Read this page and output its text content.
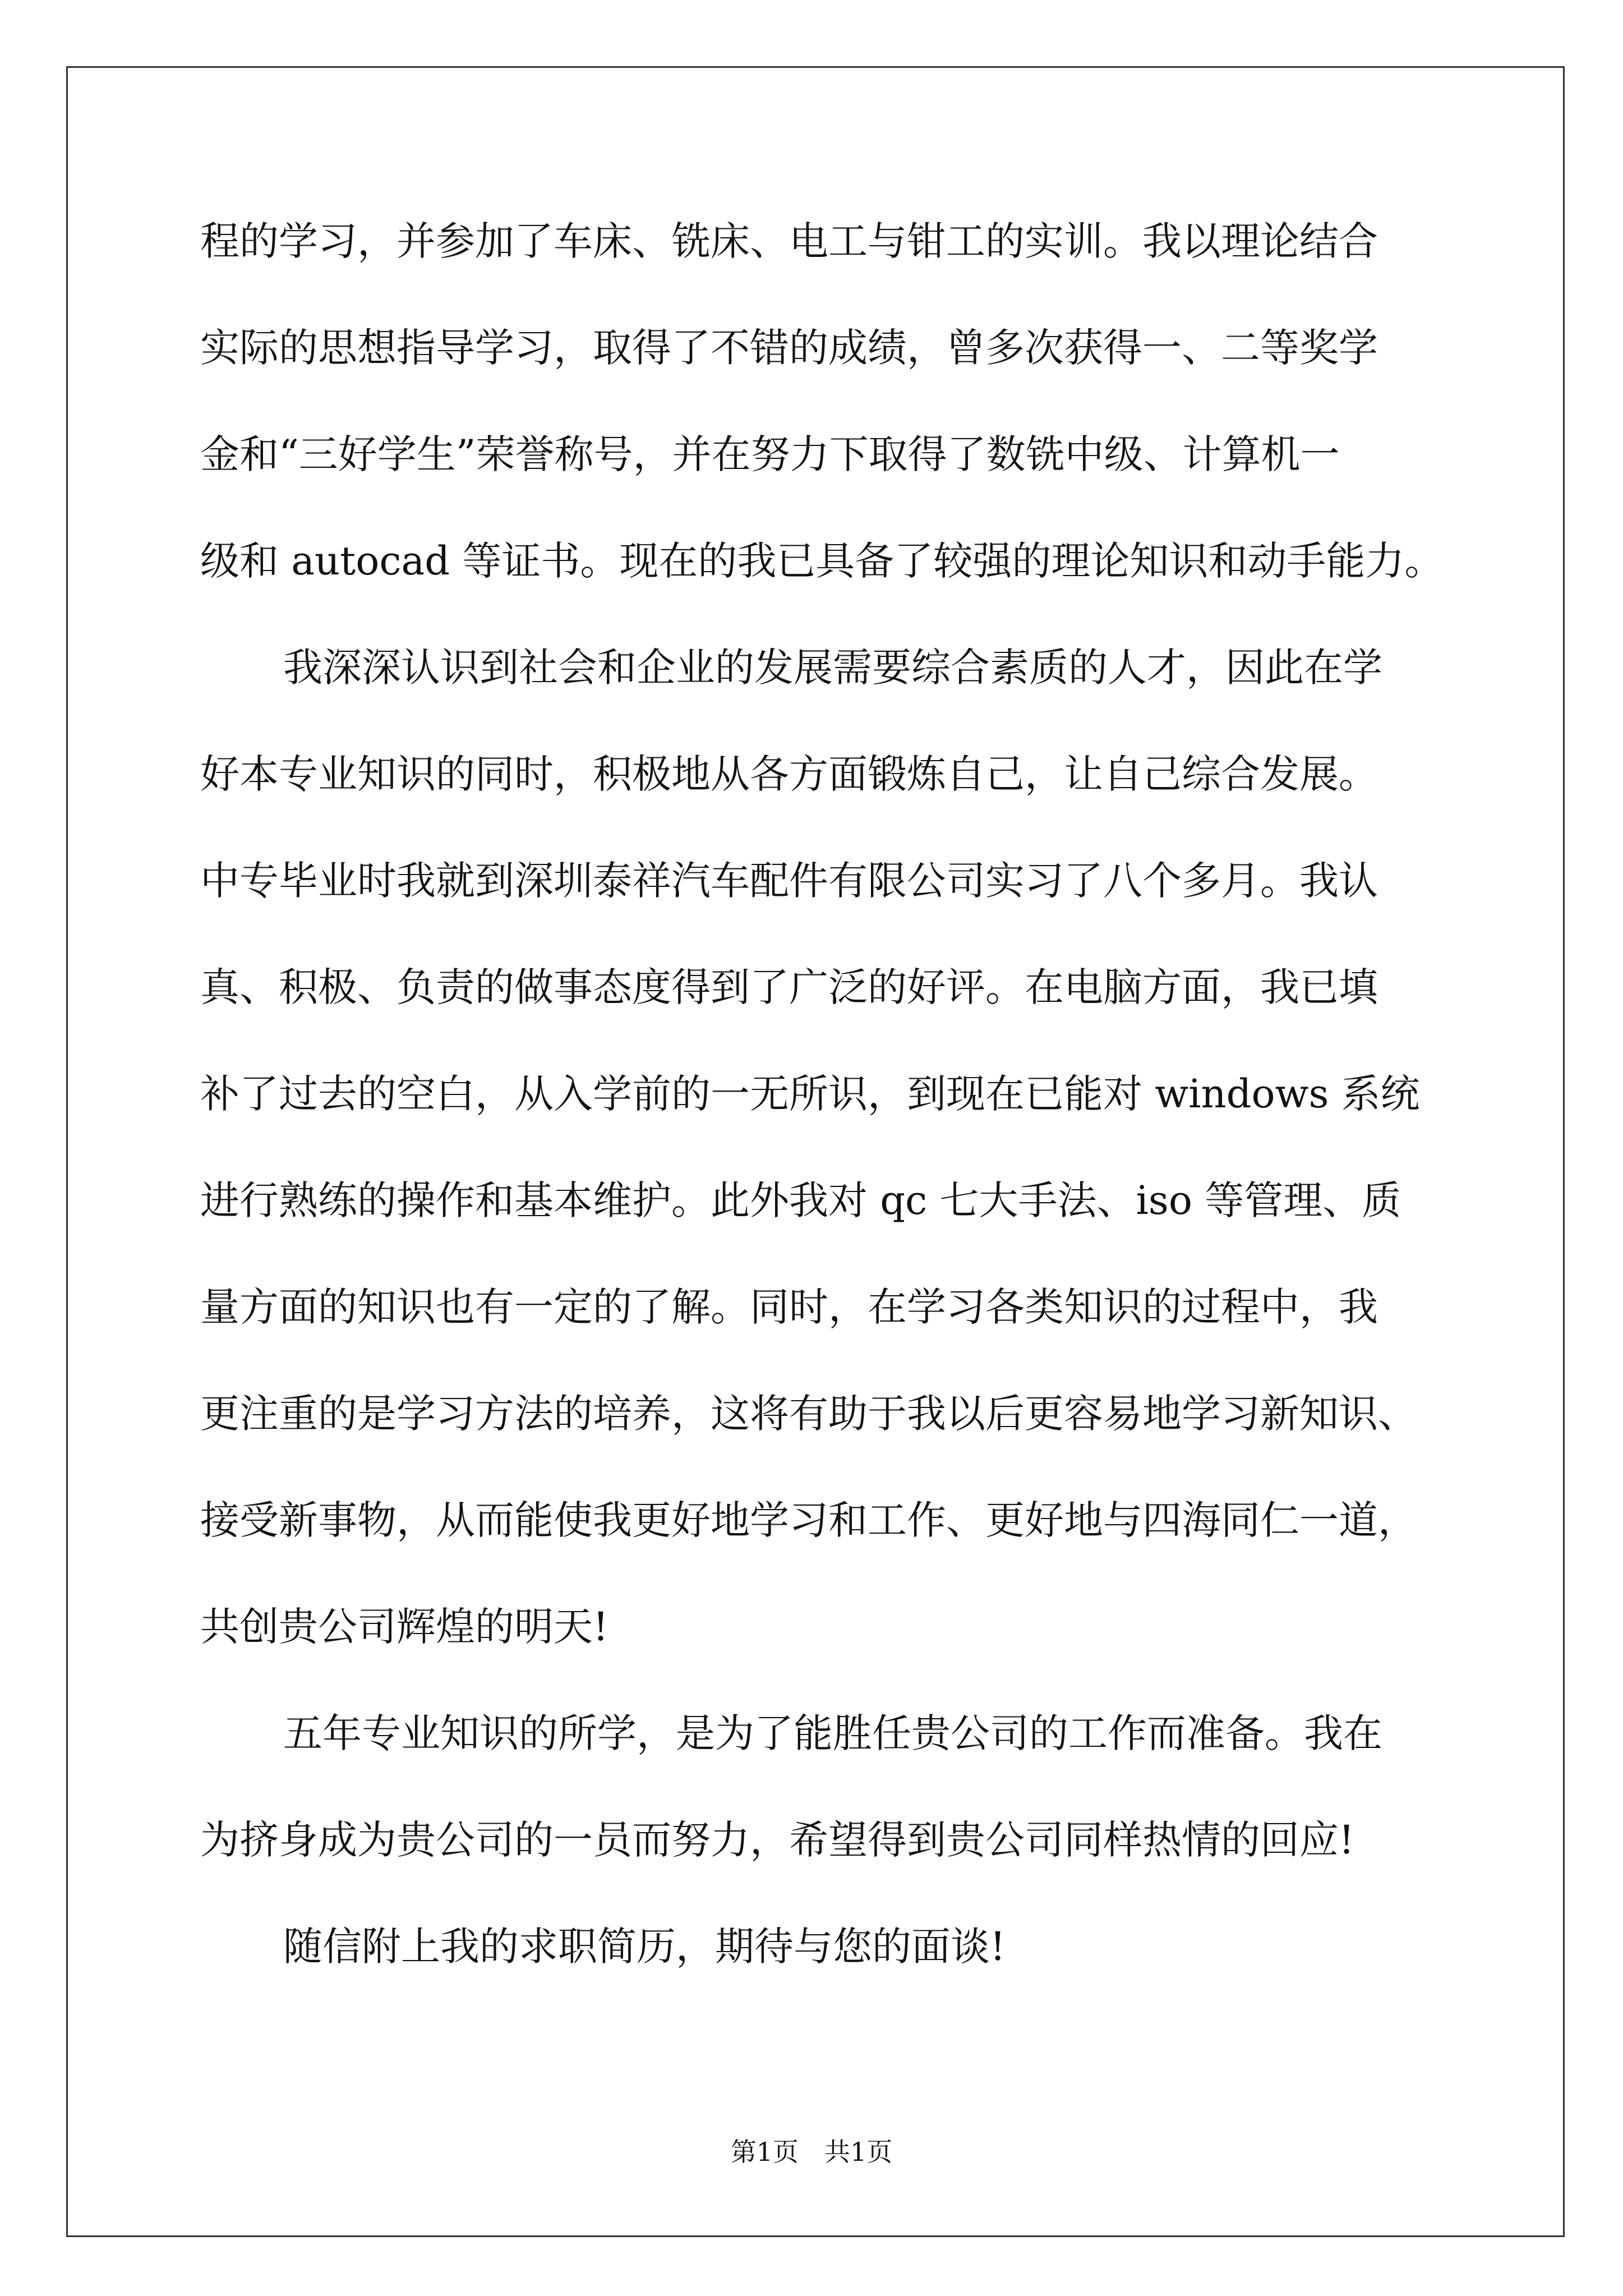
程的学习，并参加了车床、铣床、电工与钳工的实训。我以理论结合
实际的思想指导学习，取得了不错的成绩，曾多次获得一、二等奖学
金和“三好学生”荣誉称号，并在努力下取得了数铣中级、计算机一
级和 autocad 等证书。现在的我已具备了较强的理论知识和动手能力。
我深深认识到社会和企业的发展需要综合素质的人才，因此在学
好本专业知识的同时，积极地从各方面锻炼自己，让自己综合发展。
中专毕业时我就到深圳泰祥汽车配件有限公司实习了八个多月。我认
真、积极、负责的做事态度得到了广泛的好评。在电脑方面，我已填
补了过去的空白，从入学前的一无所识，到现在已能对 windows 系统
进行熟练的操作和基本维护。此外我对 qc 七大手法、iso 等管理、质
量方面的知识也有一定的了解。同时，在学习各类知识的过程中，我
更注重的是学习方法的培养，这将有助于我以后更容易地学习新知识、
接受新事物，从而能使我更好地学习和工作、更好地与四海同仁一道，
共创贵公司辉煌的明天!
五年专业知识的所学，是为了能胜任贵公司的工作而准备。我在
为挤身成为贵公司的一员而努力，希望得到贵公司同样热情的回应!
随信附上我的求职简历，期待与您的面谈!
第1页　共1页
